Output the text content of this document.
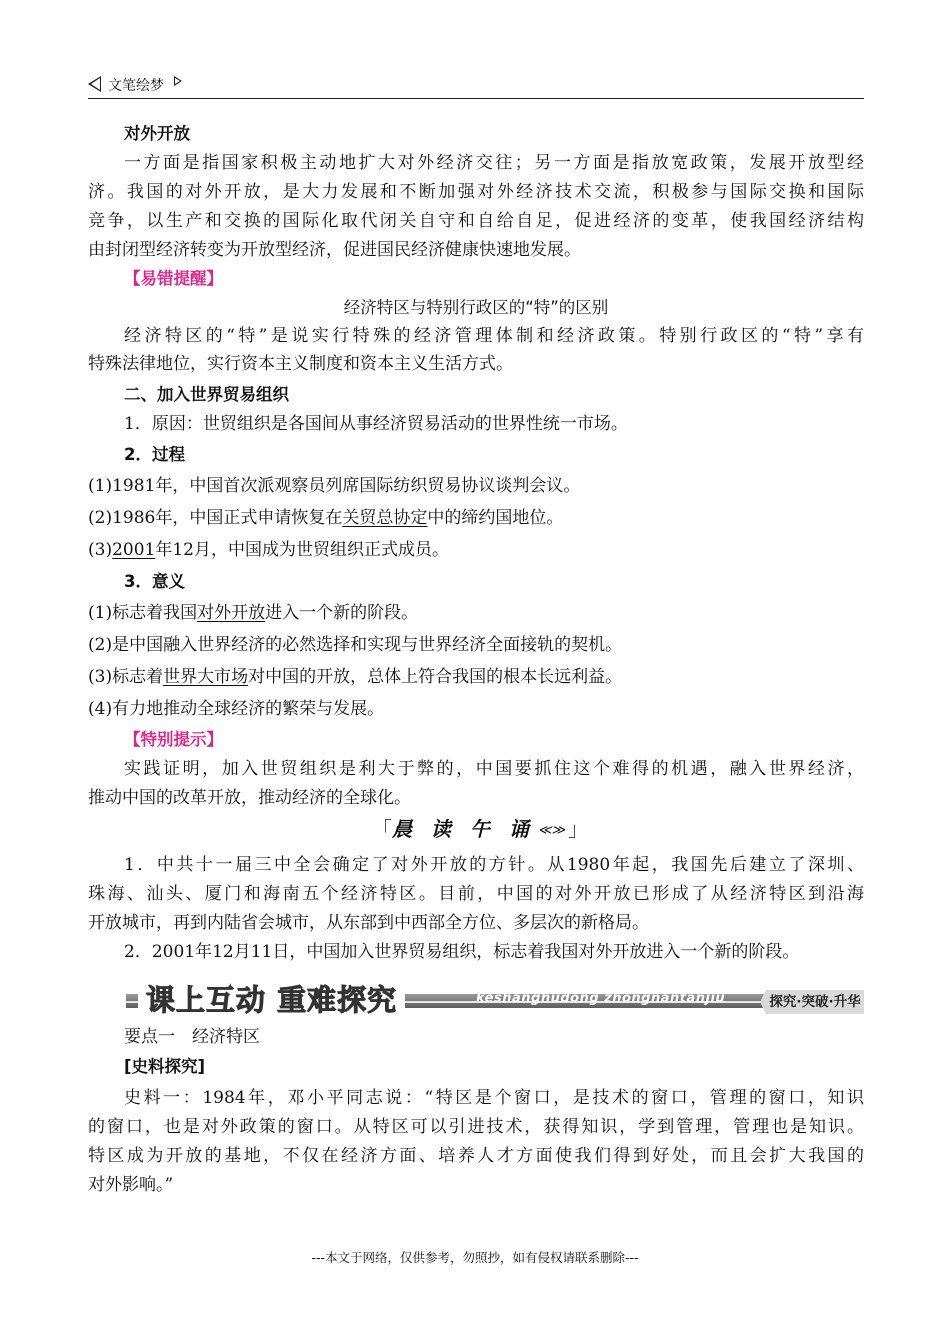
文笔绘梦
对外开放
一方面是指国家积极主动地扩大对外经济交往；另一方面是指放宽政策，发展开放型经
济。我国的对外开放，是大力发展和不断加强对外经济技术交流，积极参与国际交换和国际
竞争，以生产和交换的国际化取代闭关自守和自给自足，促进经济的变革，使我国经济结构
由封闭型经济转变为开放型经济，促进国民经济健康快速地发展。
【易错提醒】
经济特区与特别行政区的“特”的区别
经济特区的“特”是说实行特殊的经济管理体制和经济政策。特别行政区的“特”享有
特殊法律地位，实行资本主义制度和资本主义生活方式。
二、加入世界贸易组织
1．原因：世贸组织是各国间从事经济贸易活动的世界性统一市场。
2．过程
(1)1981年，中国首次派观察员列席国际纺织贸易协议谈判会议。
(2)1986年，中国正式申请恢复在关贸总协定中的缔约国地位。
(3)2001年12月，中国成为世贸组织正式成员。
3．意义
(1)标志着我国对外开放进入一个新的阶段。
(2)是中国融入世界经济的必然选择和实现与世界经济全面接轨的契机。
(3)标志着世界大市场对中国的开放，总体上符合我国的根本长远利益。
(4)有力地推动全球经济的繁荣与发展。
【特别提示】
实践证明，加入世贸组织是利大于弊的，中国要抓住这个难得的机遇，融入世界经济，
推动中国的改革开放，推动经济的全球化。
「晨 读 午 诵 ≪≫ 」
1．中共十一届三中全会确定了对外开放的方针。从1980年起，我国先后建立了深圳、
珠海、汕头、厦门和海南五个经济特区。目前，中国的对外开放已形成了从经济特区到沿海
开放城市，再到内陆省会城市，从东部到中西部全方位、多层次的新格局。
2．2001年12月11日，中国加入世界贸易组织，标志着我国对外开放进入一个新的阶段。
课上互动 重难探究	keshanghudong zhongnantanjiu	探究·突破·升华
要点一　经济特区
[史料探究]
史料一：1984年，邓小平同志说：“特区是个窗口，是技术的窗口，管理的窗口，知识
的窗口，也是对外政策的窗口。从特区可以引进技术，获得知识，学到管理，管理也是知识。
特区成为开放的基地，不仅在经济方面、培养人才方面使我们得到好处，而且会扩大我国的
对外影响。”
---本文于网络，仅供参考，勿照抄，如有侵权请联系删除---
